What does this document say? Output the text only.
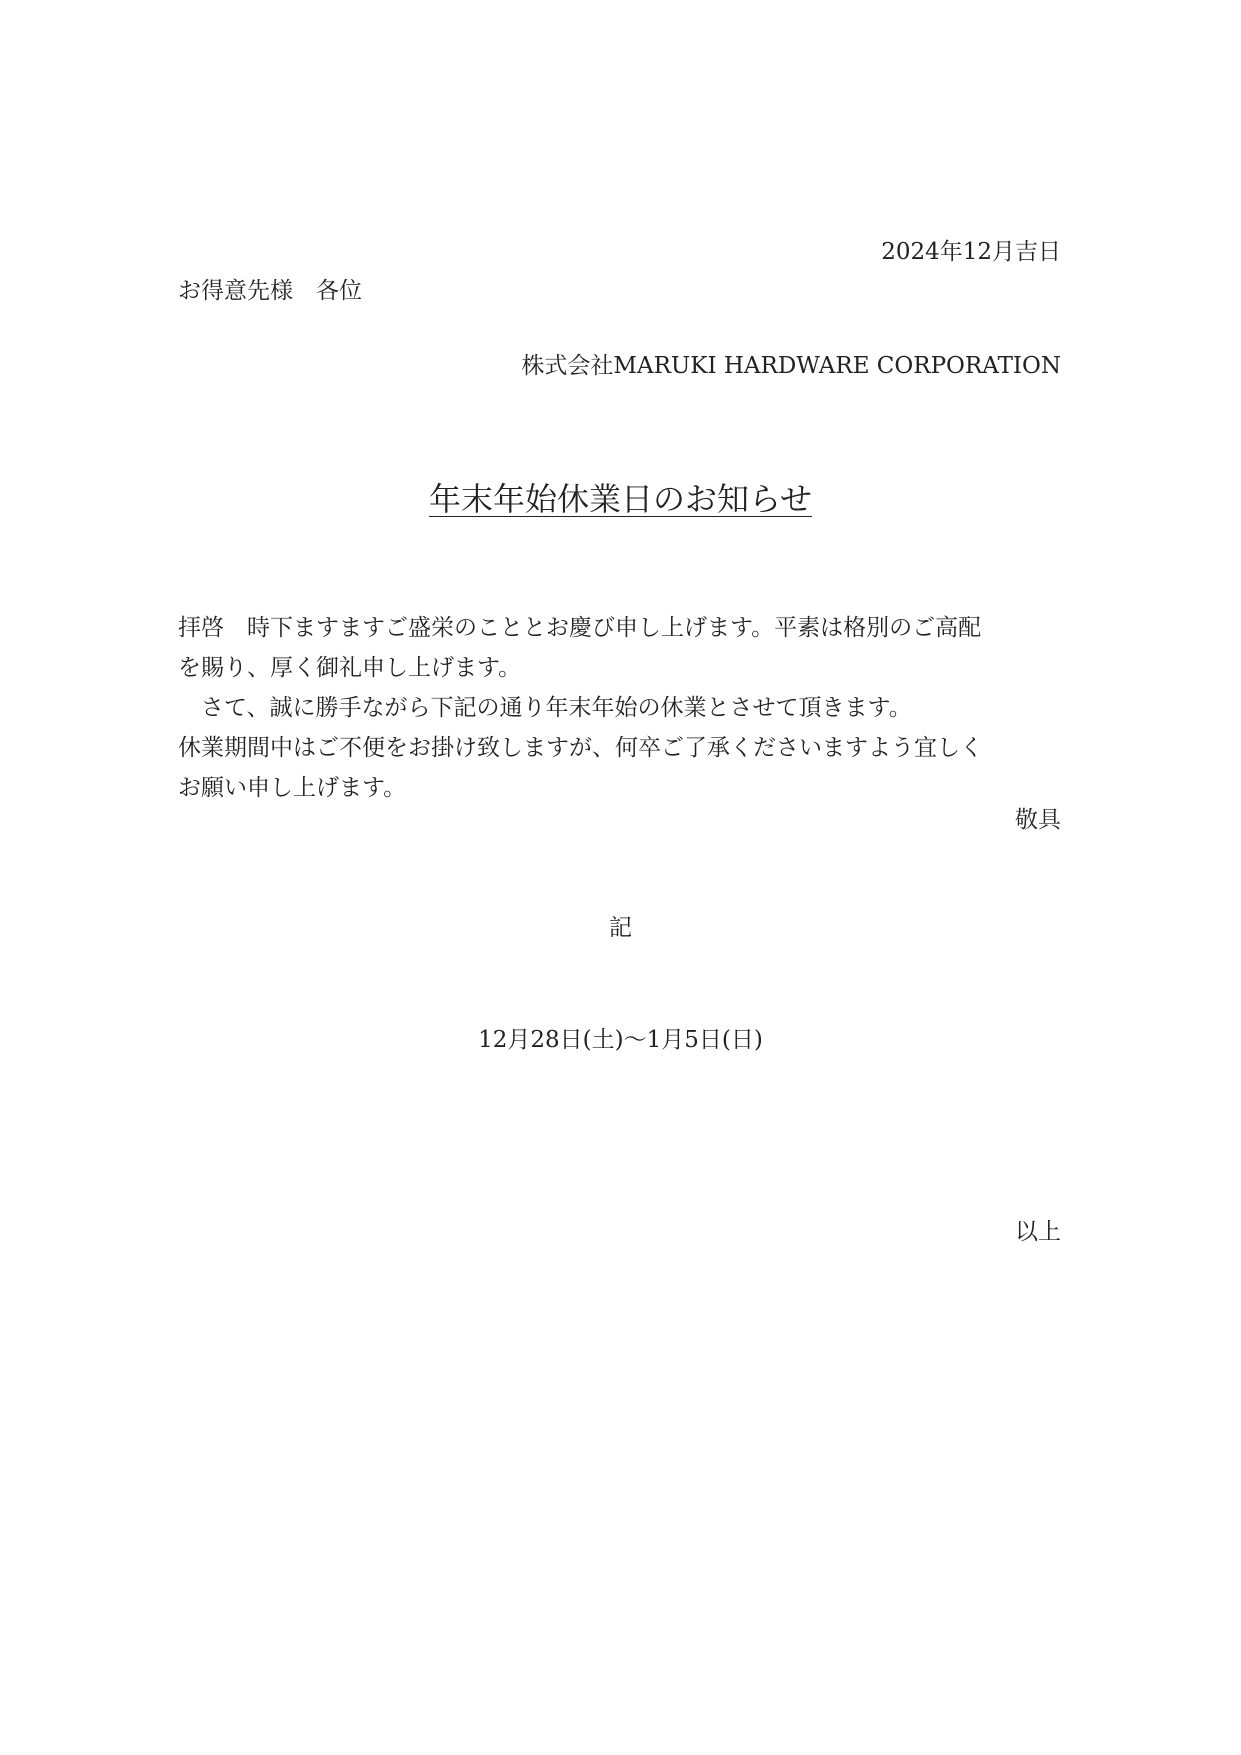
2024年12月吉日

お得意先様　各位

株式会社MARUKI HARDWARE CORPORATION

年末年始休業日のお知らせ

拝啓　時下ますますご盛栄のこととお慶び申し上げます。平素は格別のご高配

を賜り、厚く御礼申し上げます。

さて、誠に勝手ながら下記の通り年末年始の休業とさせて頂きます。

休業期間中はご不便をお掛け致しますが、何卒ご了承くださいますよう宜しく

お願い申し上げます。

敬具

記

12月28日(土)～1月5日(日)

以上
